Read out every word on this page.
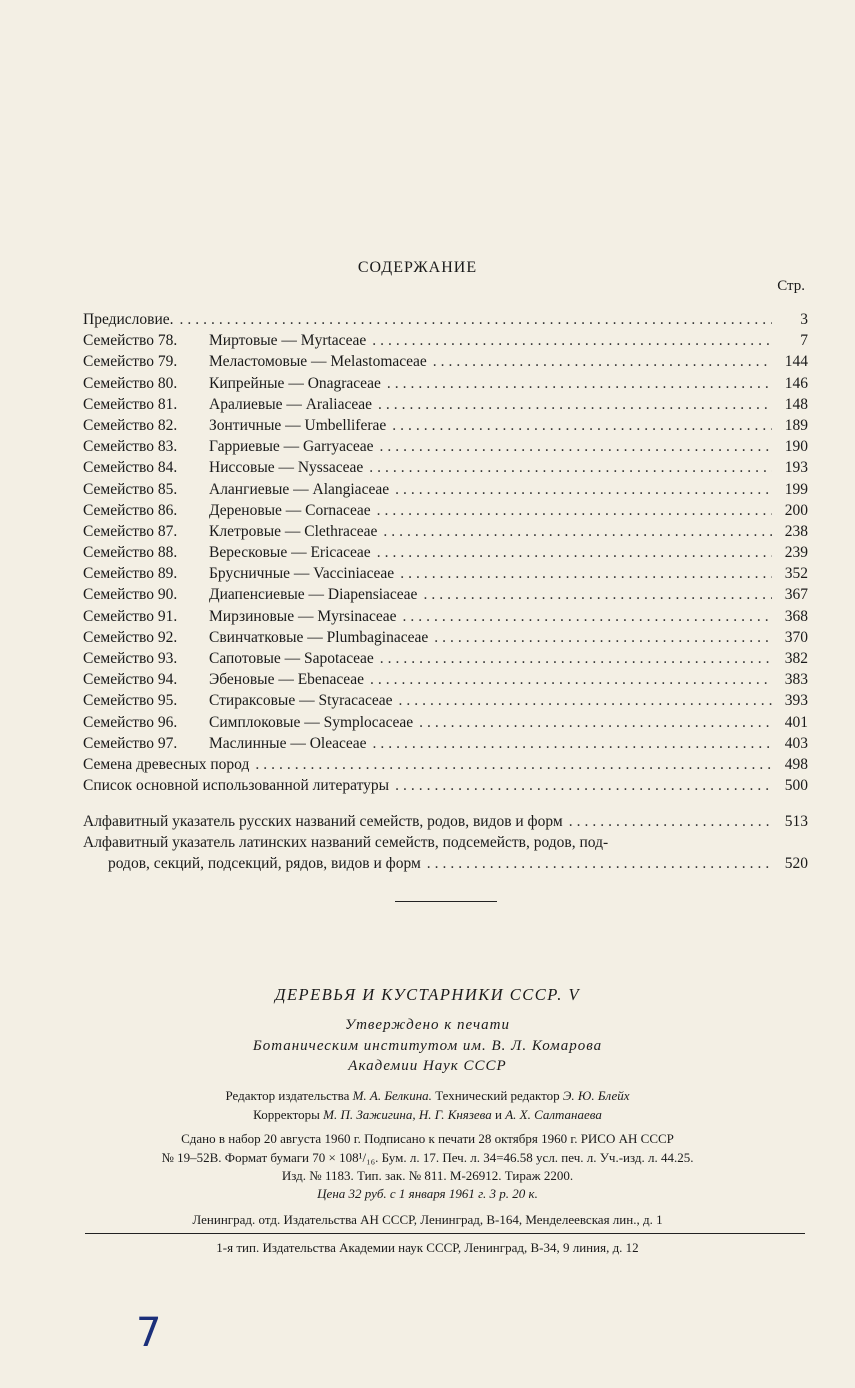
СОДЕРЖАНИЕ
Стр.
Предисловие. .....	3
Семейство 78.	Миртовые — Myrtaceae .....	7
Семейство 79.	Меластомовые — Melastomaceae .....	144
Семейство 80.	Кипрейные — Onagraceae .....	146
Семейство 81.	Аралиевые — Araliaceae .....	148
Семейство 82.	Зонтичные — Umbelliferae .....	189
Семейство 83.	Гарриевые — Garryaceae .....	190
Семейство 84.	Ниссовые — Nyssaceae .....	193
Семейство 85.	Алангиевые — Alangiaceae .....	199
Семейство 86.	Дереновые — Cornaceae .....	200
Семейство 87.	Клетровые — Clethraceae .....	238
Семейство 88.	Вересковые — Ericaceae .....	239
Семейство 89.	Брусничные — Vacciniaceae .....	352
Семейство 90.	Диапенсиевые — Diapensiaceae .....	367
Семейство 91.	Мирзиновые — Myrsinaceae .....	368
Семейство 92.	Свинчатковые — Plumbaginaceae .....	370
Семейство 93.	Сапотовые — Sapotaceae .....	382
Семейство 94.	Эбеновые — Ebenaceae .....	383
Семейство 95.	Стираксовые — Styracaceae .....	393
Семейство 96.	Симплоковые — Symplocaceae .....	401
Семейство 97.	Маслинные — Oleaceae .....	403
Семена древесных пород .....	498
Список основной использованной литературы .....	500
Алфавитный указатель русских названий семейств, родов, видов и форм .....	513
Алфавитный указатель латинских названий семейств, подсемейств, родов, под-
родов, секций, подсекций, рядов, видов и форм .....	520
ДЕРЕВЬЯ И КУСТАРНИКИ СССР. V
Утверждено к печати
Ботаническим институтом им. В. Л. Комарова
Академии Наук СССР
Редактор издательства М. А. Белкина. Технический редактор Э. Ю. Блейх
Корректоры М. П. Зажигина, Н. Г. Князева и А. Х. Салтанаева
Сдано в набор 20 августа 1960 г. Подписано к печати 28 октября 1960 г. РИСО АН СССР
№ 19–52В. Формат бумаги 70 × 108¹/₁₆. Бум. л. 17. Печ. л. 34=46.58 усл. печ. л. Уч.-изд. л. 44.25.
Изд. № 1183. Тип. зак. № 811. М-26912. Тираж 2200.
Цена 32 руб. с 1 января 1961 г. 3 р. 20 к.
Ленинград. отд. Издательства АН СССР, Ленинград, В-164, Менделеевская лин., д. 1
1-я тип. Издательства Академии наук СССР, Ленинград, В-34, 9 линия, д. 12
7
